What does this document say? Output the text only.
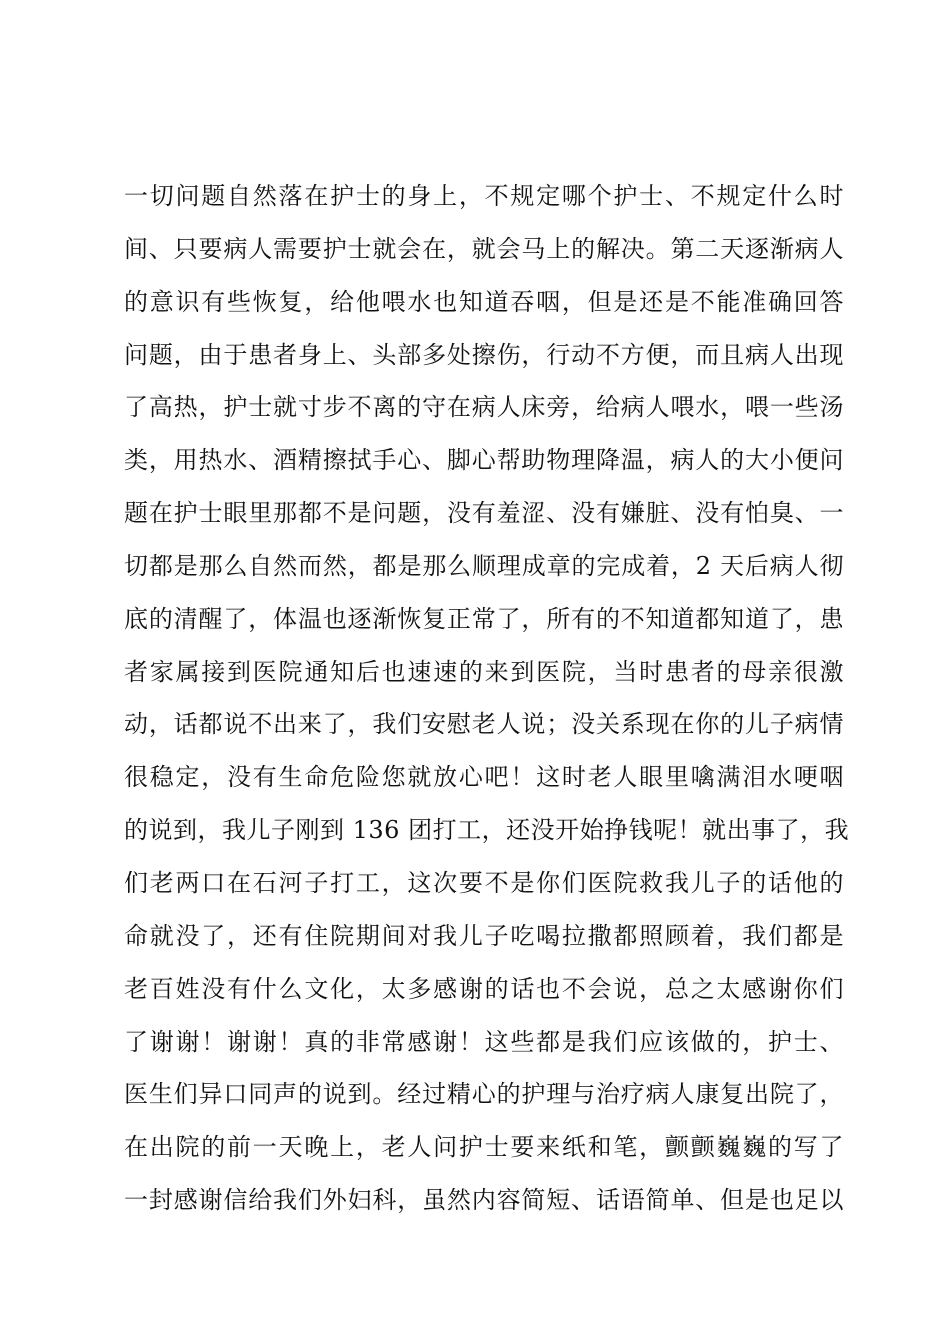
一切问题自然落在护士的身上，不规定哪个护士、不规定什么时
间、只要病人需要护士就会在，就会马上的解决。第二天逐渐病人
的意识有些恢复，给他喂水也知道吞咽，但是还是不能准确回答
问题，由于患者身上、头部多处擦伤，行动不方便，而且病人出现
了高热，护士就寸步不离的守在病人床旁，给病人喂水，喂一些汤
类，用热水、酒精擦拭手心、脚心帮助物理降温，病人的大小便问
题在护士眼里那都不是问题，没有羞涩、没有嫌脏、没有怕臭、一
切都是那么自然而然，都是那么顺理成章的完成着，2 天后病人彻
底的清醒了，体温也逐渐恢复正常了，所有的不知道都知道了，患
者家属接到医院通知后也速速的来到医院，当时患者的母亲很激
动，话都说不出来了，我们安慰老人说；没关系现在你的儿子病情
很稳定，没有生命危险您就放心吧！这时老人眼里噙满泪水哽咽
的说到，我儿子刚到 136 团打工，还没开始挣钱呢！就出事了，我
们老两口在石河子打工，这次要不是你们医院救我儿子的话他的
命就没了，还有住院期间对我儿子吃喝拉撒都照顾着，我们都是
老百姓没有什么文化，太多感谢的话也不会说，总之太感谢你们
了谢谢！谢谢！真的非常感谢！这些都是我们应该做的，护士、
医生们异口同声的说到。经过精心的护理与治疗病人康复出院了，
在出院的前一天晚上，老人问护士要来纸和笔，颤颤巍巍的写了
一封感谢信给我们外妇科，虽然内容简短、话语简单、但是也足以
